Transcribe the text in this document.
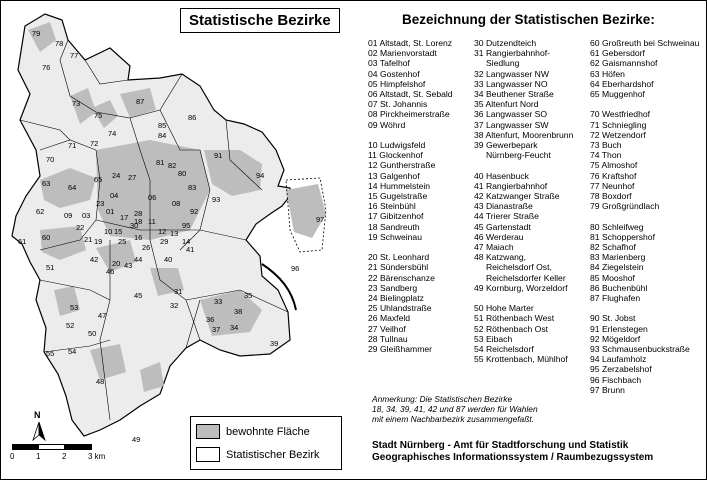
79
78
77
76
73
75
87
72
74
85
86
84
71
70	81 82
91
65
80
83
94
64
63
24 27
93
62
04	06
08
92
09
61 60
03 01
10
28
30
19
15	12
25
95
17
16
26
29
18 11
13
14
97
20
21
22
23
43
44
46
40
41
51	96
42
45	31
32
35
33
53
47
52
36
37 34
38
39
54
55
50
48
49
Statistische Bezirke
N
0	1	2	3 km
bewohnte Fläche
Statistischer Bezirk
Bezeichnung der Statistischen Bezirke:
01 Altstadt, St. Lorenz
02 Marienvorstadt
03 Tafelhof
04 Gostenhof
05 Himpfelshof
06 Altstadt, St. Sebald
07 St. Johannis
08 Pirckheimerstraße
09 Wöhrd
10 Ludwigsfeld
11 Glockenhof
12 Guntherstraße
13 Galgenhof
14 Hummelstein
15 Gugelstraße
16 Steinbühl
17 Gibitzenhof
18 Sandreuth
19 Schweinau
20 St. Leonhard
21 Sündersbühl
22 Bärenschanze
23 Sandberg
24 Bielingplatz
25 Uhlandstraße
26 Maxfeld
27 Veilhof
28 Tullnau
29 Gleißhammer
30 Dutzendteich
31 Rangierbahnhof-
Siedlung
32 Langwasser NW
33 Langwasser NO
34 Beuthener Straße
35 Altenfurt Nord
36 Langwasser SO
37 Langwasser SW
38 Altenfurt, Moorenbrunn
39 Gewerbepark
Nürnberg-Feucht
40 Hasenbuck
41 Rangierbahnhof
42 Katzwanger Straße
43 Dianastraße
44 Trierer Straße
45 Gartenstadt
46 Werderau
47 Maiach
48 Katzwang,
Reichelsdorf Ost,
Reichelsdorfer Keller
49 Kornburg, Worzeldorf
50 Hohe Marter
51 Röthenbach West
52 Röthenbach Ost
53 Eibach
54 Reichelsdorf
55 Krottenbach, Mühlhof
60 Großreuth bei Schweinau
61 Gebersdorf
62 Gaismannshof
63 Höfen
64 Eberhardshof
65 Muggenhof
70 Westfriedhof
71 Schniegling
72 Wetzendorf
73 Buch
74 Thon
75 Almoshof
76 Kraftshof
77 Neunhof
78 Boxdorf
79 Großgründlach
80 Schleifweg
81 Schoppershof
82 Schafhof
83 Marienberg
84 Ziegelstein
85 Mooshof
86 Buchenbühl
87 Flughafen
90 St. Jobst
91 Erlenstegen
92 Mögeldorf
93 Schmausenbuckstraße
94 Laufamholz
95 Zerzabelshof
96 Fischbach
97 Brunn
Anmerkung: Die Statistischen Bezirke
18, 34, 39, 41, 42 und 87 werden für Wahlen
mit einem Nachbarbezirk zusammengefaßt.
Stadt Nürnberg - Amt für Stadtforschung und Statistik
Geographisches Informationssystem / Raumbezugssystem
